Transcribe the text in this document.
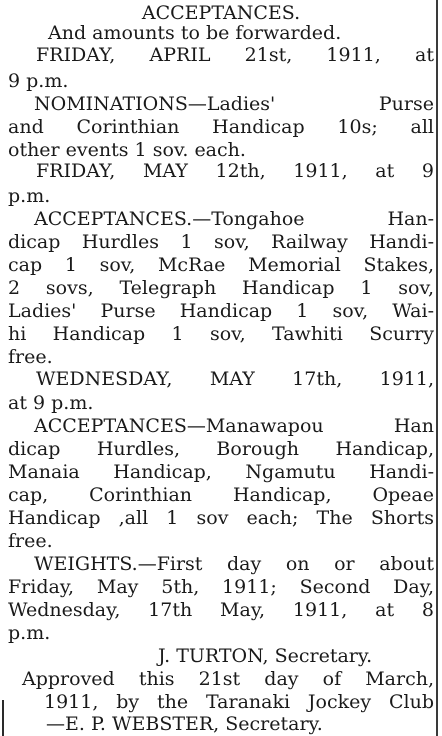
ACCEPTANCES.
And amounts to be forwarded.
FRIDAY, APRIL 21st, 1911, at
9 p.m.
NOMINATIONS—Ladies' Purse
and Corinthian Handicap 10s; all
other events 1 sov. each.
FRIDAY, MAY 12th, 1911, at 9
p.m.
ACCEPTANCES.—Tongahoe Han-
dicap Hurdles 1 sov, Railway Handi-
cap 1 sov, McRae Memorial Stakes,
2 sovs, Telegraph Handicap 1 sov,
Ladies' Purse Handicap 1 sov, Wai-
hi Handicap 1 sov, Tawhiti Scurry
free.
WEDNESDAY, MAY 17th, 1911,
at 9 p.m.
ACCEPTANCES—Manawapou Han
dicap Hurdles, Borough Handicap,
Manaia Handicap, Ngamutu Handi-
cap, Corinthian Handicap, Opeae
Handicap ,all 1 sov each; The Shorts
free.
WEIGHTS.—First day on or about
Friday, May 5th, 1911; Second Day,
Wednesday, 17th May, 1911, at 8
p.m.
J. TURTON, Secretary.
Approved this 21st day of March,
1911, by the Taranaki Jockey Club
—E. P. WEBSTER, Secretary.
